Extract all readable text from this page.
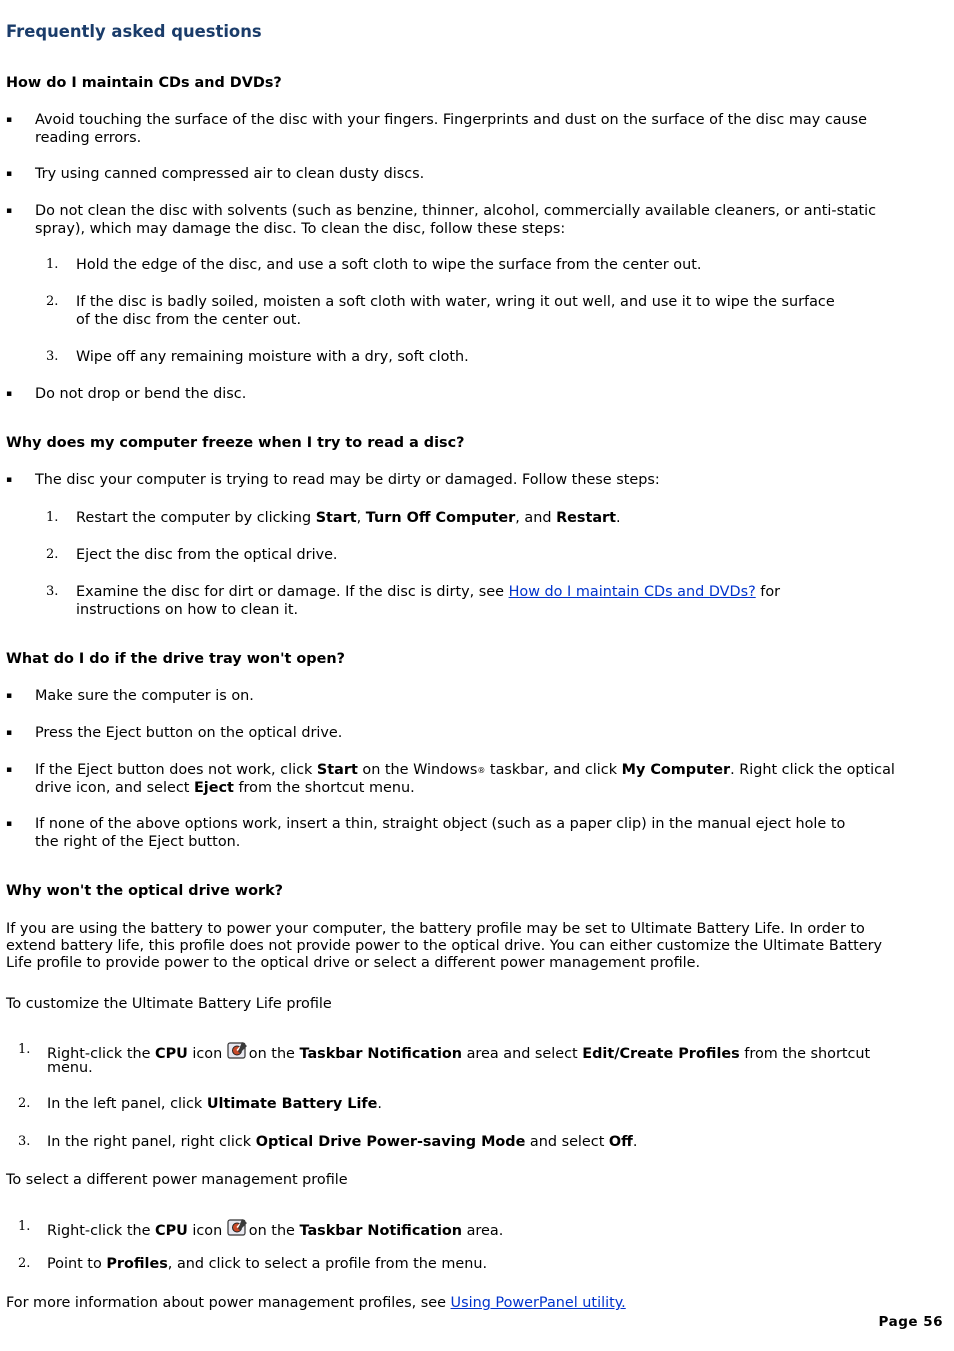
Frequently asked questions
How do I maintain CDs and DVDs?
▪ Avoid touching the surface of the disc with your fingers. Fingerprints and dust on the surface of the disc may cause

reading errors.

▪ Try using canned compressed air to clean dusty discs.

▪ Do not clean the disc with solvents (such as benzine, thinner, alcohol, commercially available cleaners, or anti-static

spray), which may damage the disc. To clean the disc, follow these steps:

1. Hold the edge of the disc, and use a soft cloth to wipe the surface from the center out.

2. If the disc is badly soiled, moisten a soft cloth with water, wring it out well, and use it to wipe the surface

of the disc from the center out.

3. Wipe off any remaining moisture with a dry, soft cloth.

▪ Do not drop or bend the disc.

Why does my computer freeze when I try to read a disc?
▪ The disc your computer is trying to read may be dirty or damaged. Follow these steps:

1. Restart the computer by clicking Start, Turn Off Computer, and Restart.

2. Eject the disc from the optical drive.

3. Examine the disc for dirt or damage. If the disc is dirty, see How do I maintain CDs and DVDs? for

instructions on how to clean it.

What do I do if the drive tray won't open?
▪ Make sure the computer is on.

▪ Press the Eject button on the optical drive.

▪ If the Eject button does not work, click Start on the Windows® taskbar, and click My Computer. Right click the optical

drive icon, and select Eject from the shortcut menu.

▪ If none of the above options work, insert a thin, straight object (such as a paper clip) in the manual eject hole to

the right of the Eject button.

Why won't the optical drive work?

If you are using the battery to power your computer, the battery profile may be set to Ultimate Battery Life. In order to

extend battery life, this profile does not provide power to the optical drive. You can either customize the Ultimate Battery

Life profile to provide power to the optical drive or select a different power management profile.

To customize the Ultimate Battery Life profile

1. Right-click the CPU icon on the Taskbar Notification area and select Edit/Create Profiles from the shortcut

menu.

2. In the left panel, click Ultimate Battery Life.

3. In the right panel, right click Optical Drive Power-saving Mode and select Off.

To select a different power management profile

1. Right-click the CPU icon on the Taskbar Notification area.

2. Point to Profiles, and click to select a profile from the menu.

For more information about power management profiles, see Using PowerPanel utility.

Page 56
